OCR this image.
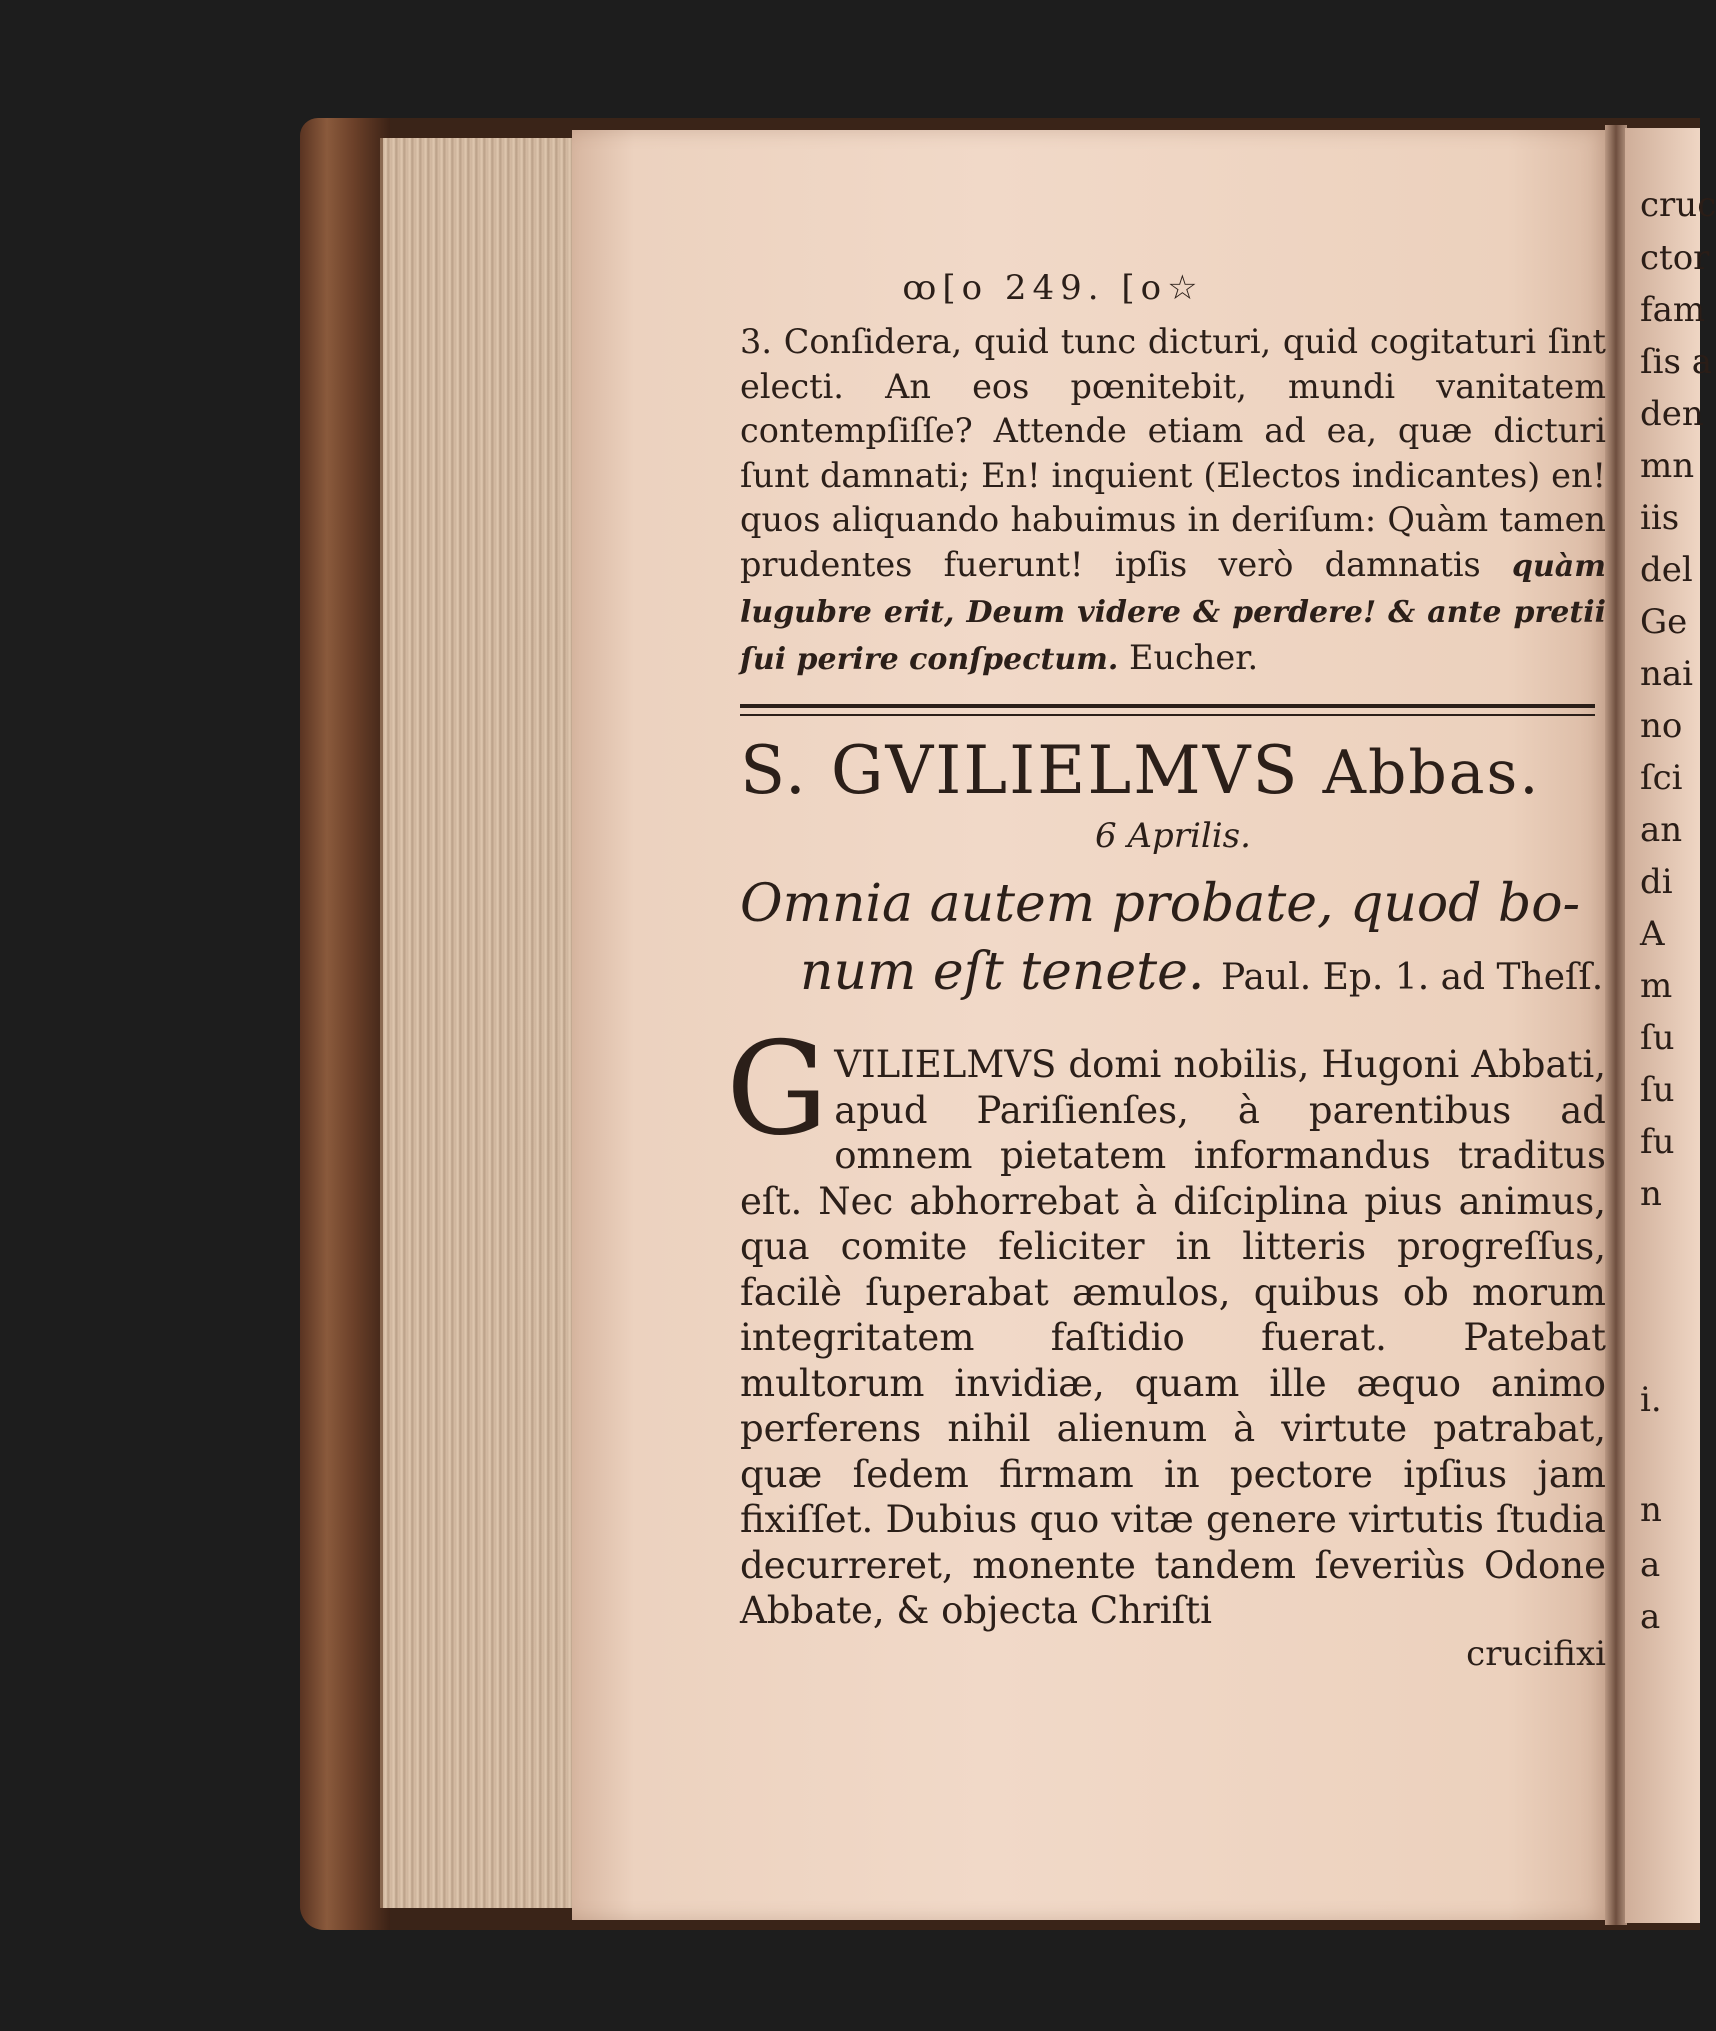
cruc
ctor
fam
ſis a
den
mn
iis
del
Ge
nai
no
ſci
an
di
A
m
ſu
ſu
fu
n
i.
n
a
a
ꝏ[o 249. [o☆
3. Conſidera, quid tunc dicturi, quid cogitaturi ſint electi. An eos pœnitebit, mundi vanitatem contempſiſſe? Attende etiam ad ea, quæ dicturi ſunt damnati; En! inquient (Electos indicantes) en! quos aliquando habuimus in deriſum: Quàm tamen prudentes fuerunt! ipſis verò damnatis quàm lugubre erit, Deum videre & perdere! & ante pretii ſui perire conſpectum. Eucher.
S. GVILIELMVS Abbas.
6 Aprilis.
Omnia autem probate, quod bo-
num eſt tenete. Paul. Ep. 1. ad Theſſ.
G VILIELMVS domi nobilis, Hugoni Abbati, apud Pariſienſes, à parentibus ad omnem pietatem informandus traditus eſt. Nec abhorrebat à diſciplina pius animus, qua comite feliciter in litteris progreſſus, facilè ſuperabat æmulos, quibus ob morum integritatem faſtidio fuerat. Patebat multorum invidiæ, quam ille æquo animo perferens nihil alienum à virtute patrabat, quæ ſedem firmam in pectore ipſius jam fixiſſet. Dubius quo vitæ genere virtutis ſtudia decurreret, monente tandem ſeveriùs Odone Abbate, & objecta Chriſti
crucifixi
